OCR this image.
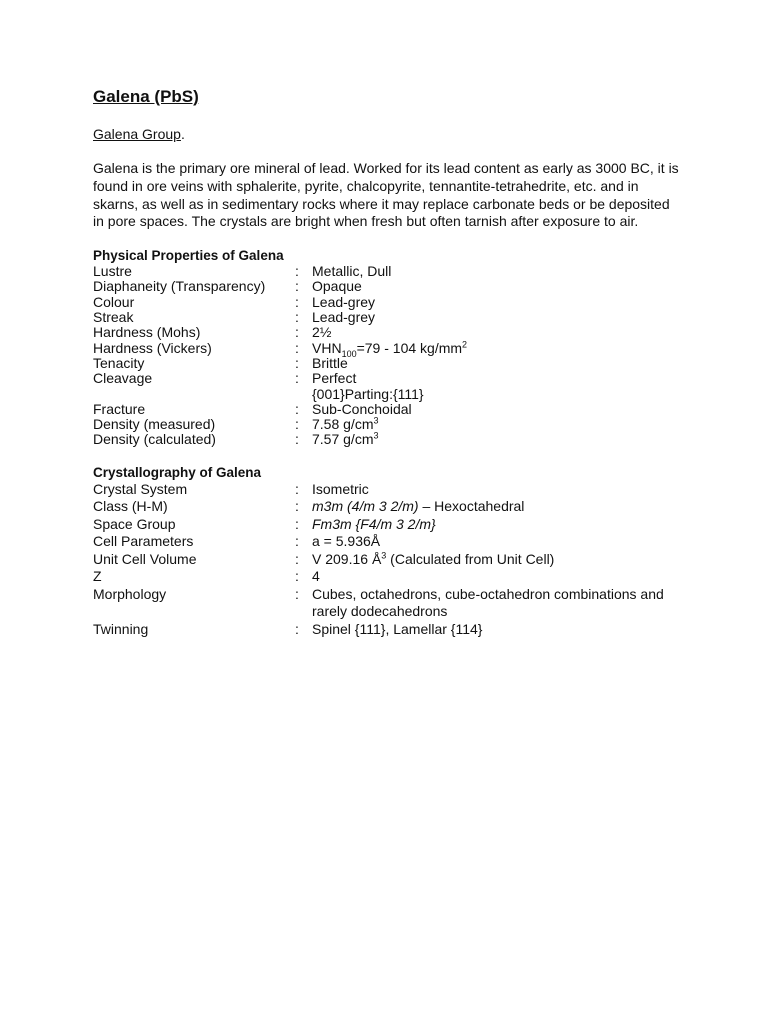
Galena (PbS)
Galena Group.

Galena is the primary ore mineral of lead. Worked for its lead content as early as 3000 BC, it is found in ore veins with sphalerite, pyrite, chalcopyrite, tennantite-tetrahedrite, etc. and in skarns, as well as in sedimentary rocks where it may replace carbonate beds or be deposited in pore spaces. The crystals are bright when fresh but often tarnish after exposure to air.

Physical Properties of Galena
Lustre	: Metallic, Dull
Diaphaneity (Transparency)	: Opaque
Colour	: Lead-grey
Streak	: Lead-grey
Hardness (Mohs)	: 2½
Hardness (Vickers)	: $VHN_{100}=79 - 104$ $kg/mm^2$
Tenacity	: Brittle
Cleavage	: Perfect
{001}Parting:{111}
Fracture	: Sub-Conchoidal
Density (measured)	: 7.58 $g/cm^3$
Density (calculated)	: 7.57 $g/cm^3$
Crystallography of Galena
Crystal System	: Isometric
Class (H-M)	: m3m (4/m 3 2/m) – Hexoctahedral
Space Group	: Fm3m {F4/m 3 2/m}
Cell Parameters	: a = 5.936Å
Unit Cell Volume	: V 209.16 $Å^3$ (Calculated from Unit Cell)
Z	: 4
Morphology	: Cubes, octahedrons, cube-octahedron combinations and rarely dodecahedrons
Twinning	: Spinel {111}, Lamellar {114}
